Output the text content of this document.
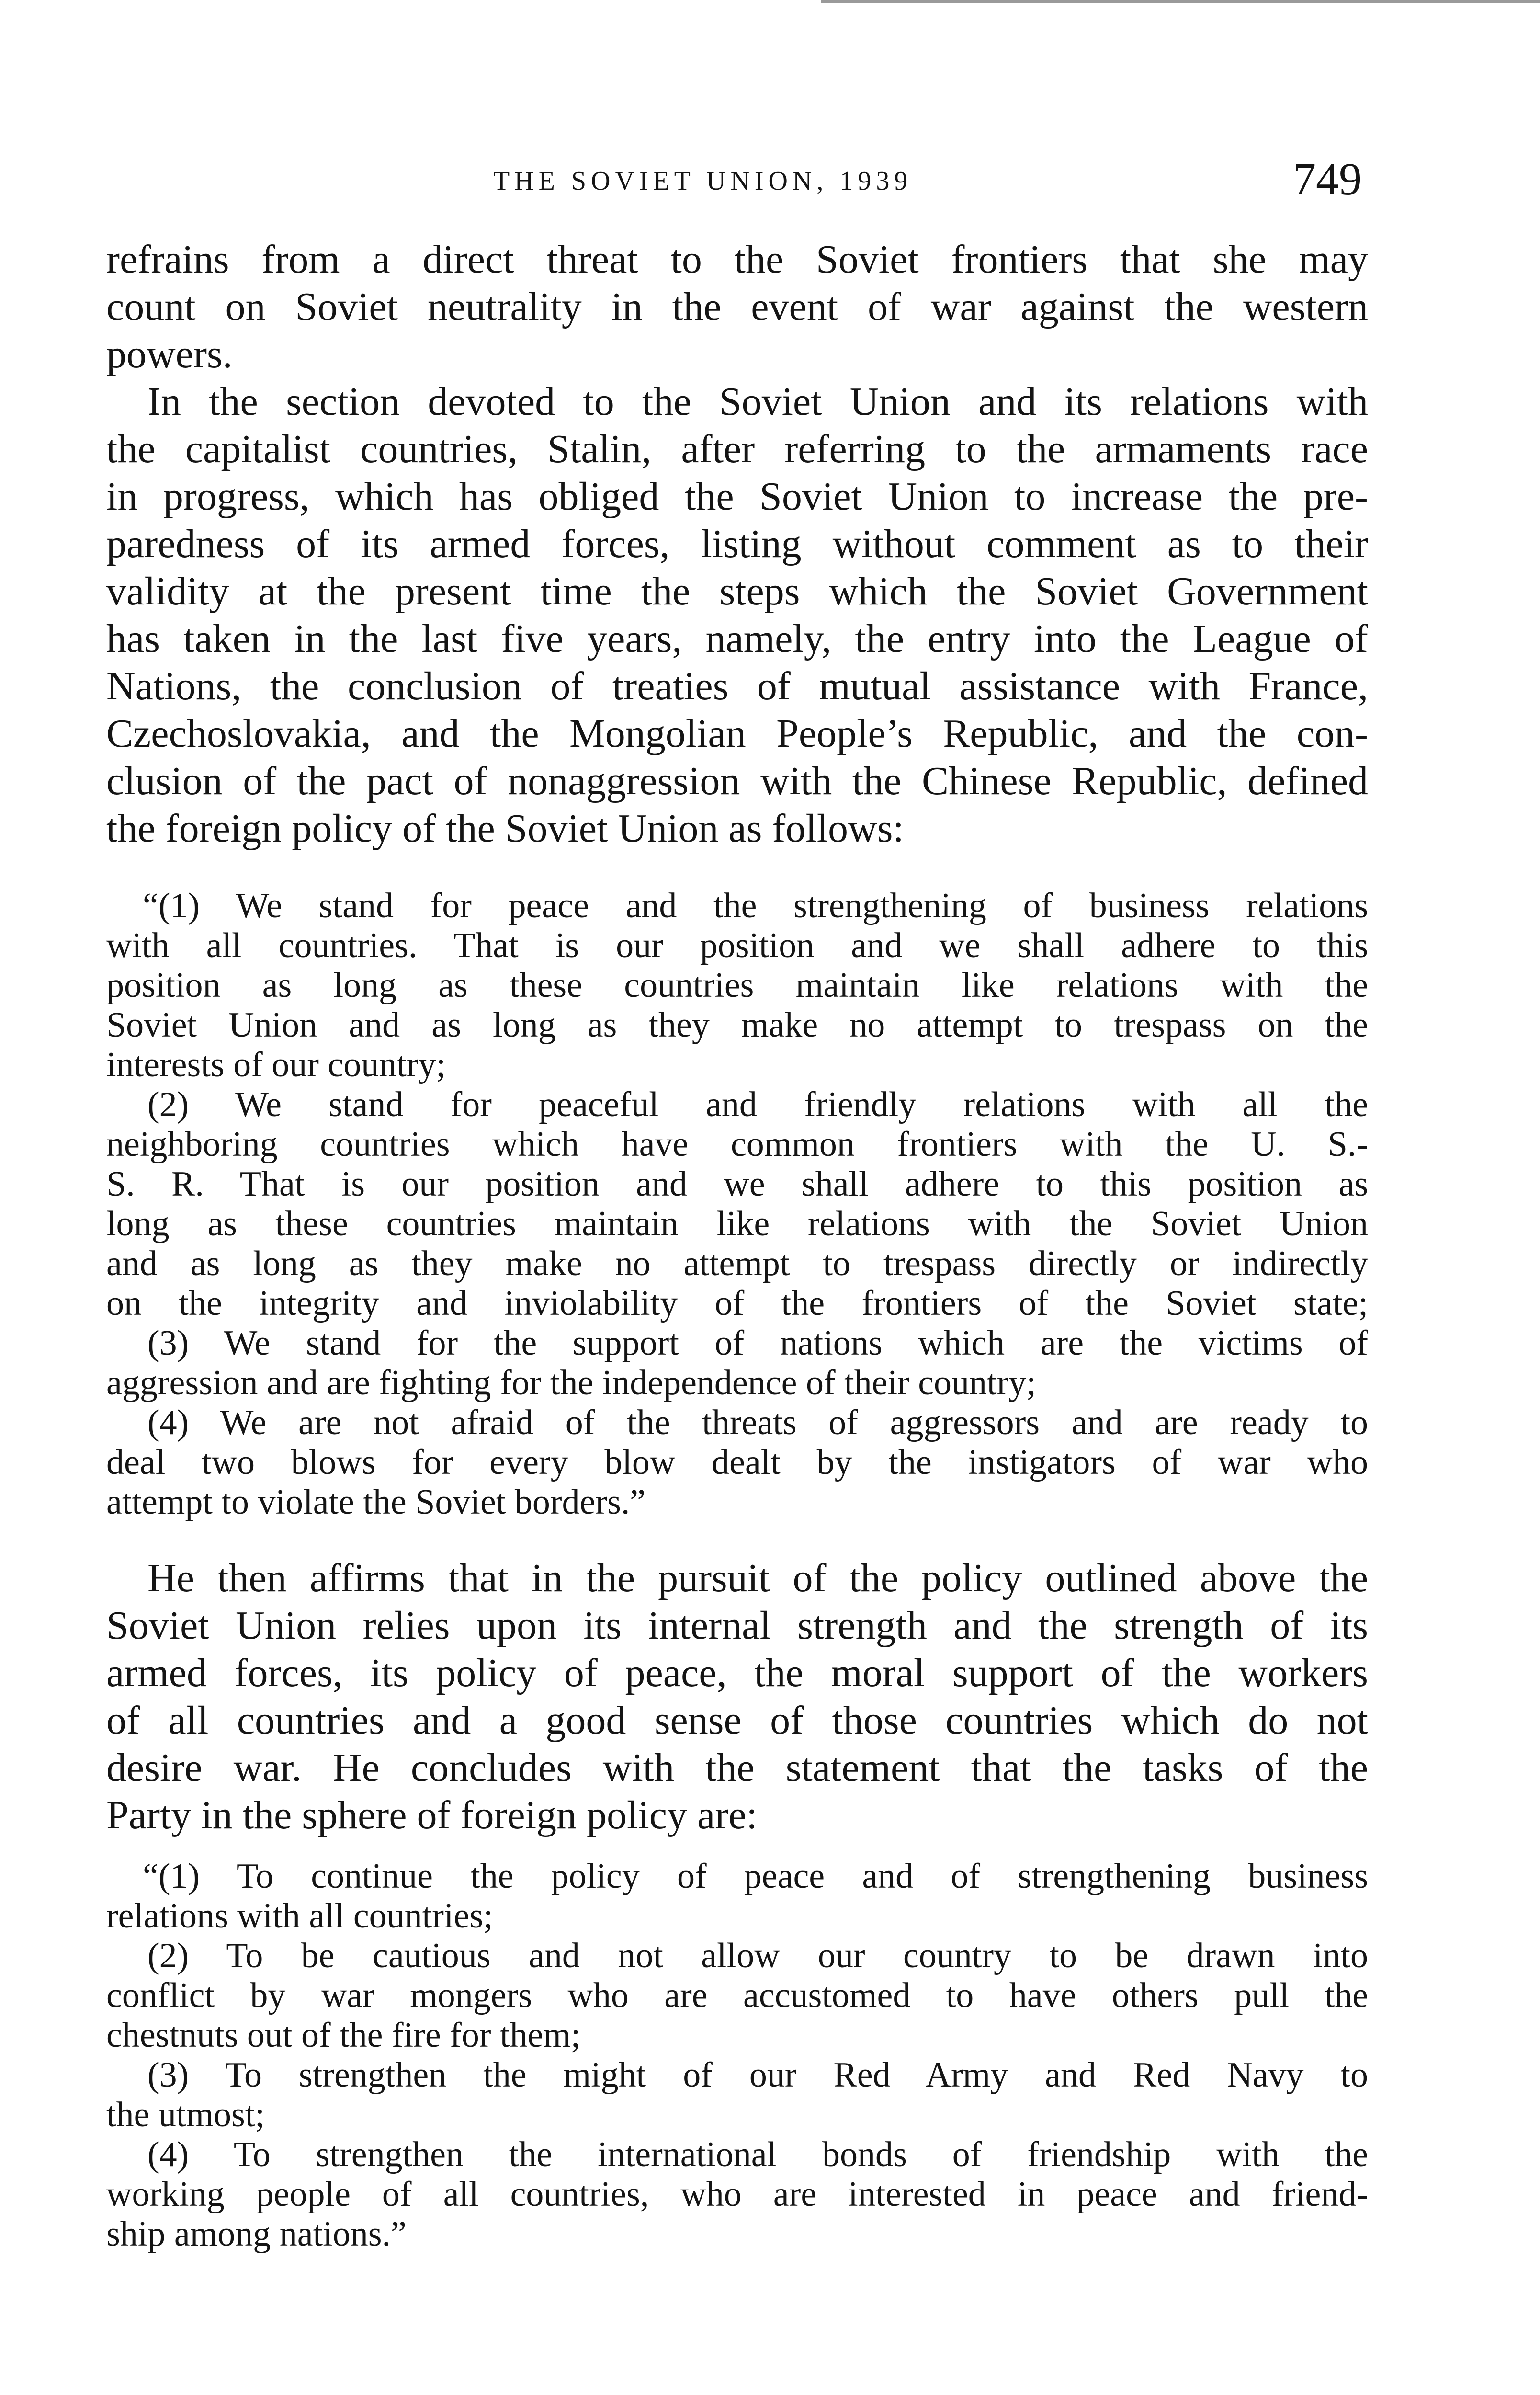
THE SOVIET UNION, 1939	749
refrains from a direct threat to the Soviet frontiers that she may
count on Soviet neutrality in the event of war against the western
powers.
In the section devoted to the Soviet Union and its relations with
the capitalist countries, Stalin, after referring to the armaments race
in progress, which has obliged the Soviet Union to increase the pre-
paredness of its armed forces, listing without comment as to their
validity at the present time the steps which the Soviet Government
has taken in the last five years, namely, the entry into the League of
Nations, the conclusion of treaties of mutual assistance with France,
Czechoslovakia, and the Mongolian People’s Republic, and the con-
clusion of the pact of nonaggression with the Chinese Republic, defined
the foreign policy of the Soviet Union as follows:
“(1) We stand for peace and the strengthening of business relations
with all countries. That is our position and we shall adhere to this
position as long as these countries maintain like relations with the
Soviet Union and as long as they make no attempt to trespass on the
interests of our country;
(2) We stand for peaceful and friendly relations with all the
neighboring countries which have common frontiers with the U. S.-
S. R. That is our position and we shall adhere to this position as
long as these countries maintain like relations with the Soviet Union
and as long as they make no attempt to trespass directly or indirectly
on the integrity and inviolability of the frontiers of the Soviet state;
(3) We stand for the support of nations which are the victims of
aggression and are fighting for the independence of their country;
(4) We are not afraid of the threats of aggressors and are ready to
deal two blows for every blow dealt by the instigators of war who
attempt to violate the Soviet borders.”
He then affirms that in the pursuit of the policy outlined above the
Soviet Union relies upon its internal strength and the strength of its
armed forces, its policy of peace, the moral support of the workers
of all countries and a good sense of those countries which do not
desire war. He concludes with the statement that the tasks of the
Party in the sphere of foreign policy are:
“(1) To continue the policy of peace and of strengthening business
relations with all countries;
(2) To be cautious and not allow our country to be drawn into
conflict by war mongers who are accustomed to have others pull the
chestnuts out of the fire for them;
(3) To strengthen the might of our Red Army and Red Navy to
the utmost;
(4) To strengthen the international bonds of friendship with the
working people of all countries, who are interested in peace and friend-
ship among nations.”
